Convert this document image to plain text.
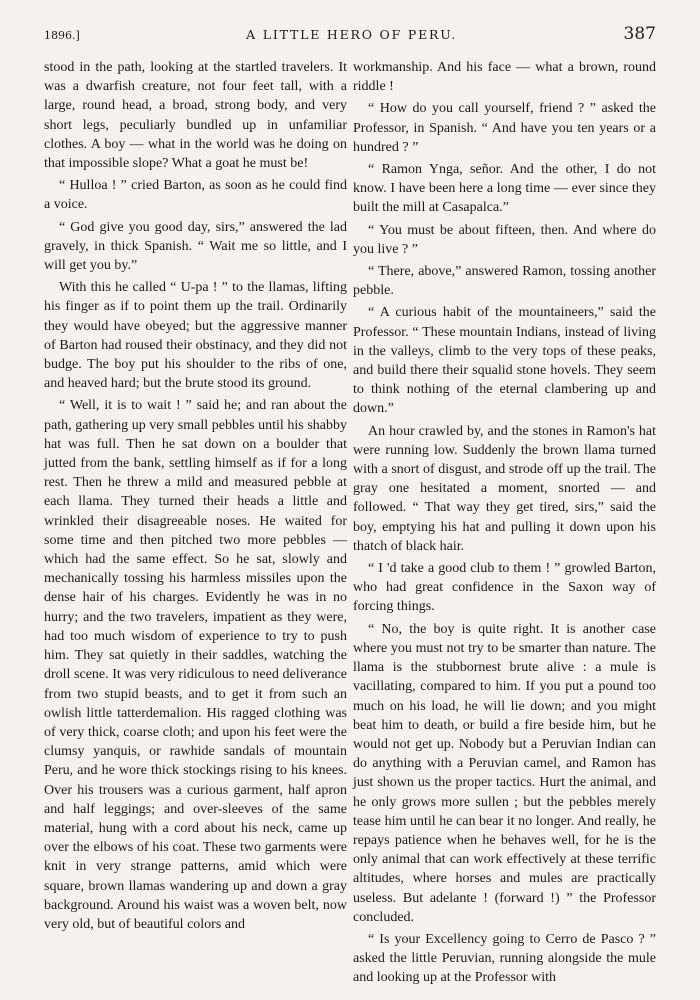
1896.]	A LITTLE HERO OF PERU.	387

stood in the path, looking at the startled travelers. It was a dwarfish creature, not four feet tall, with a large, round head, a broad, strong body, and very short legs, peculiarly bundled up in unfamiliar clothes. A boy — what in the world was he doing on that impossible slope? What a goat he must be!

“ Hulloa ! ” cried Barton, as soon as he could find a voice.

“ God give you good day, sirs,” answered the lad gravely, in thick Spanish. “ Wait me so little, and I will get you by.”

With this he called “ U-pa ! ” to the llamas, lifting his finger as if to point them up the trail. Ordinarily they would have obeyed; but the aggressive manner of Barton had roused their obstinacy, and they did not budge. The boy put his shoulder to the ribs of one, and heaved hard; but the brute stood its ground.

“ Well, it is to wait ! ” said he; and ran about the path, gathering up very small pebbles until his shabby hat was full. Then he sat down on a boulder that jutted from the bank, settling himself as if for a long rest. Then he threw a mild and measured pebble at each llama. They turned their heads a little and wrinkled their disagreeable noses. He waited for some time and then pitched two more pebbles — which had the same effect. So he sat, slowly and mechanically tossing his harmless missiles upon the dense hair of his charges. Evidently he was in no hurry; and the two travelers, impatient as they were, had too much wisdom of experience to try to push him. They sat quietly in their saddles, watching the droll scene. It was very ridiculous to need deliverance from two stupid beasts, and to get it from such an owlish little tatterdemalion. His ragged clothing was of very thick, coarse cloth; and upon his feet were the clumsy yanquis, or rawhide sandals of mountain Peru, and he wore thick stockings rising to his knees. Over his trousers was a curious garment, half apron and half leggings; and over-sleeves of the same material, hung with a cord about his neck, came up over the elbows of his coat. These two garments were knit in very strange patterns, amid which were square, brown llamas wandering up and down a gray background. Around his waist was a woven belt, now very old, but of beautiful colors and

workmanship. And his face — what a brown, round riddle !

“ How do you call yourself, friend ? ” asked the Professor, in Spanish. “ And have you ten years or a hundred ? ”

“ Ramon Ynga, señor. And the other, I do not know. I have been here a long time — ever since they built the mill at Casapalca.”

“ You must be about fifteen, then. And where do you live ? ”

“ There, above,” answered Ramon, tossing another pebble.

“ A curious habit of the mountaineers,” said the Professor. “ These mountain Indians, instead of living in the valleys, climb to the very tops of these peaks, and build there their squalid stone hovels. They seem to think nothing of the eternal clambering up and down.”

An hour crawled by, and the stones in Ramon's hat were running low. Suddenly the brown llama turned with a snort of disgust, and strode off up the trail. The gray one hesitated a moment, snorted — and followed. “ That way they get tired, sirs,” said the boy, emptying his hat and pulling it down upon his thatch of black hair.

“ I 'd take a good club to them ! ” growled Barton, who had great confidence in the Saxon way of forcing things.

“ No, the boy is quite right. It is another case where you must not try to be smarter than nature. The llama is the stubbornest brute alive : a mule is vacillating, compared to him. If you put a pound too much on his load, he will lie down; and you might beat him to death, or build a fire beside him, but he would not get up. Nobody but a Peruvian Indian can do anything with a Peruvian camel, and Ramon has just shown us the proper tactics. Hurt the animal, and he only grows more sullen ; but the pebbles merely tease him until he can bear it no longer. And really, he repays patience when he behaves well, for he is the only animal that can work effectively at these terrific altitudes, where horses and mules are practically useless. But adelante ! (forward !) ” the Professor concluded.

“ Is your Excellency going to Cerro de Pasco ? ” asked the little Peruvian, running alongside the mule and looking up at the Professor with
